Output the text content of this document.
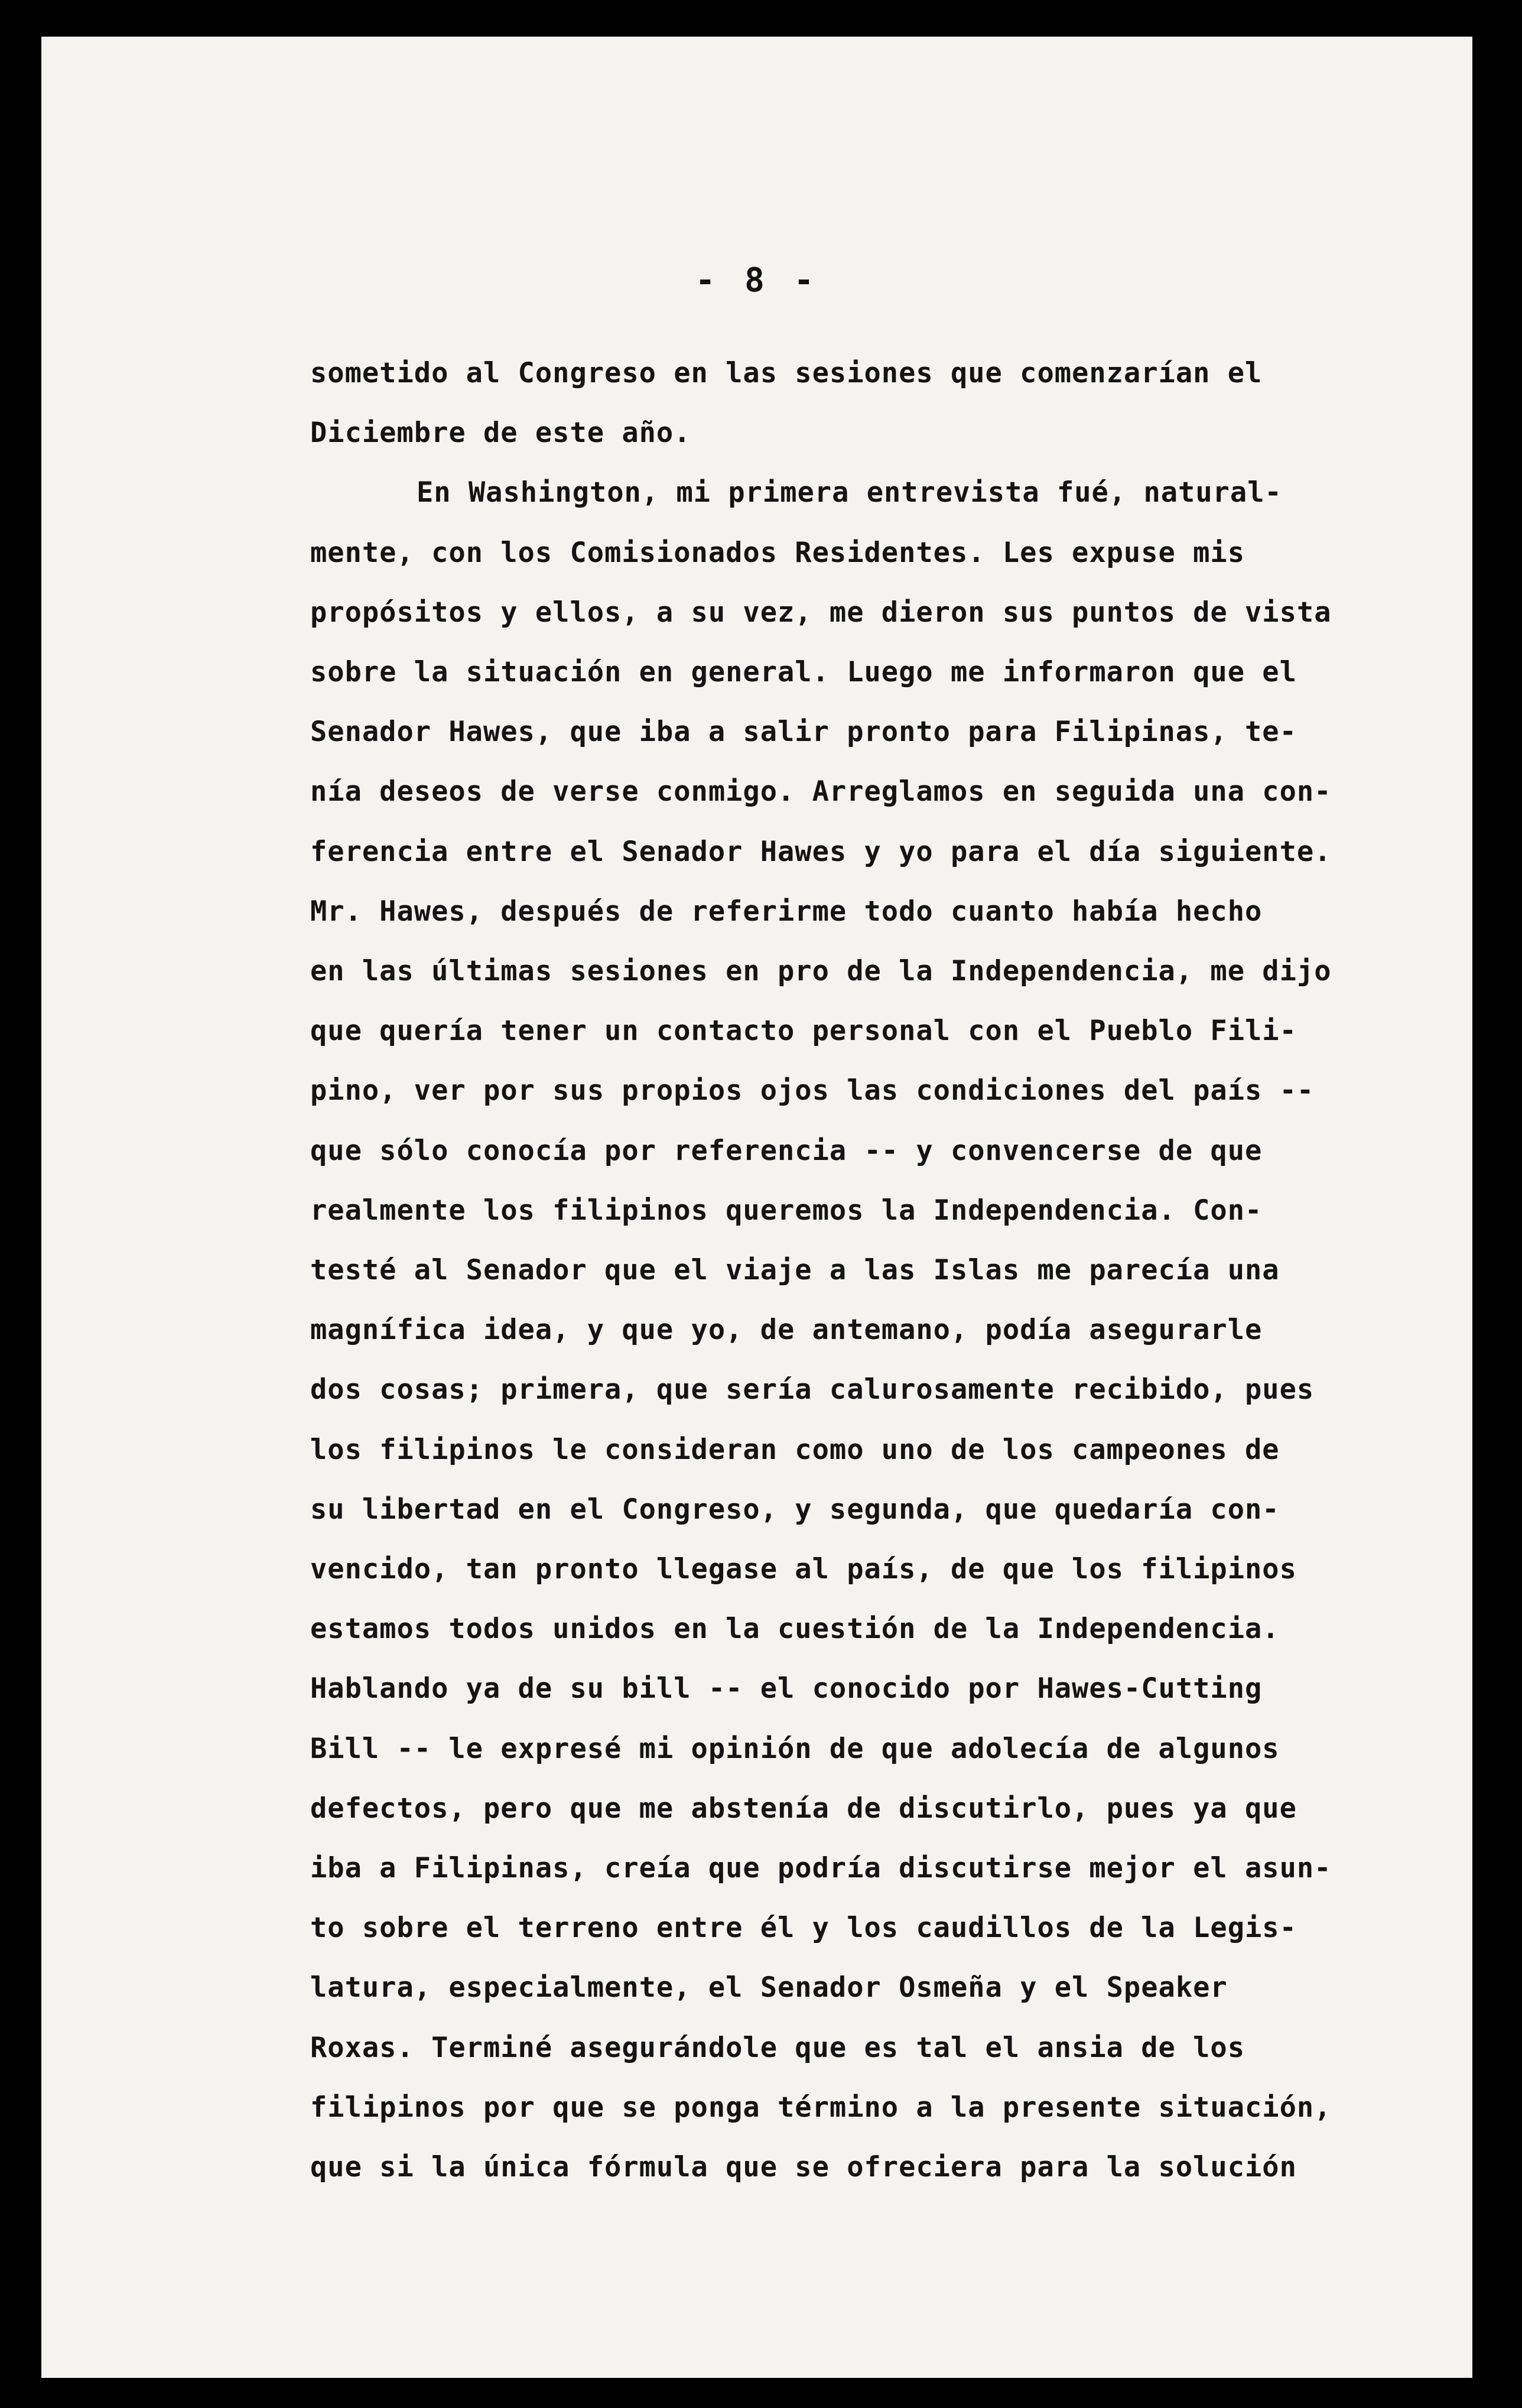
- 8 -
sometido al Congreso en las sesiones que comenzarían el
Diciembre de este año.
En Washington, mi primera entrevista fué, natural-
mente, con los Comisionados Residentes. Les expuse mis
propósitos y ellos, a su vez, me dieron sus puntos de vista
sobre la situación en general. Luego me informaron que el
Senador Hawes, que iba a salir pronto para Filipinas, te-
nía deseos de verse conmigo. Arreglamos en seguida una con-
ferencia entre el Senador Hawes y yo para el día siguiente.
Mr. Hawes, después de referirme todo cuanto había hecho
en las últimas sesiones en pro de la Independencia, me dijo
que quería tener un contacto personal con el Pueblo Fili-
pino, ver por sus propios ojos las condiciones del país --
que sólo conocía por referencia -- y convencerse de que
realmente los filipinos queremos la Independencia. Con-
testé al Senador que el viaje a las Islas me parecía una
magnífica idea, y que yo, de antemano, podía asegurarle
dos cosas; primera, que sería calurosamente recibido, pues
los filipinos le consideran como uno de los campeones de
su libertad en el Congreso, y segunda, que quedaría con-
vencido, tan pronto llegase al país, de que los filipinos
estamos todos unidos en la cuestión de la Independencia.
Hablando ya de su bill -- el conocido por Hawes-Cutting
Bill -- le expresé mi opinión de que adolecía de algunos
defectos, pero que me abstenía de discutirlo, pues ya que
iba a Filipinas, creía que podría discutirse mejor el asun-
to sobre el terreno entre él y los caudillos de la Legis-
latura, especialmente, el Senador Osmeña y el Speaker
Roxas. Terminé asegurándole que es tal el ansia de los
filipinos por que se ponga término a la presente situación,
que si la única fórmula que se ofreciera para la solución
